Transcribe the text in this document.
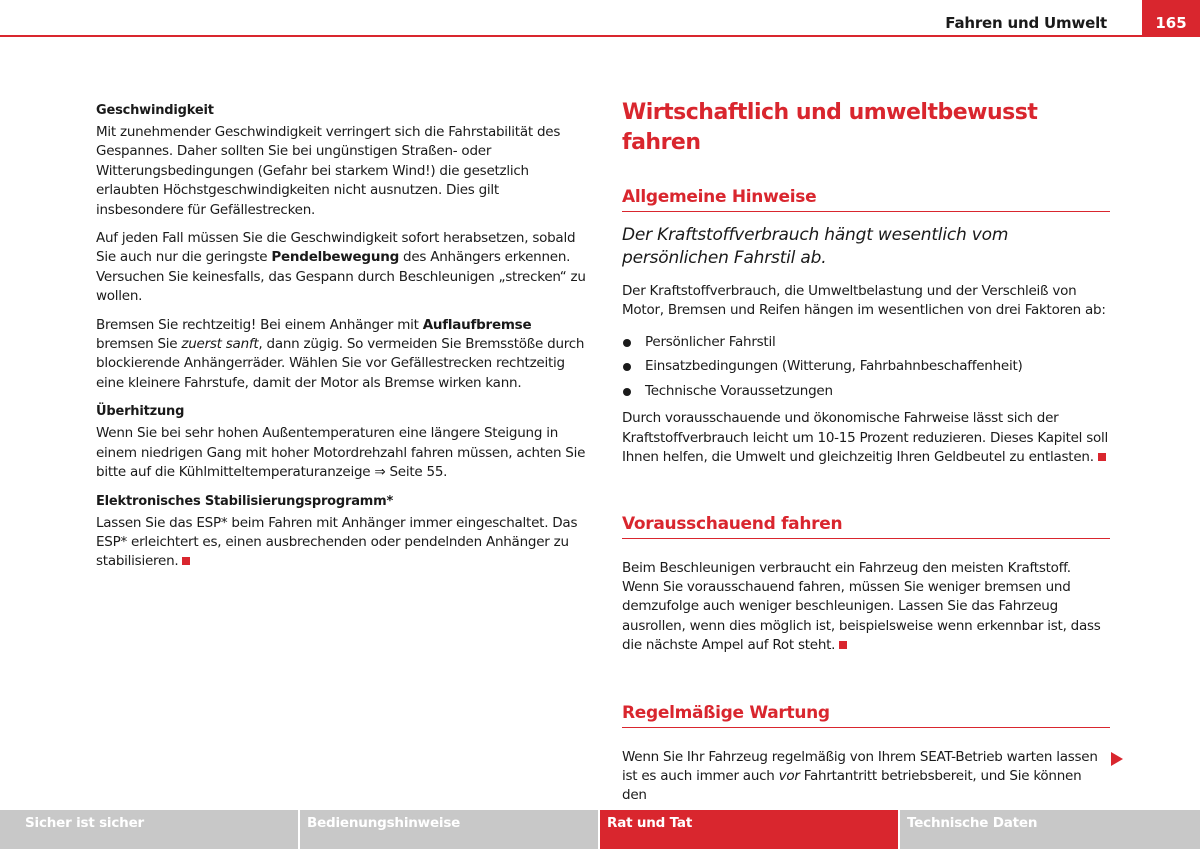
Fahren und Umwelt	165
Geschwindigkeit

Mit zunehmender Geschwindigkeit verringert sich die Fahrstabilität des Gespannes. Daher sollten Sie bei ungünstigen Straßen- oder Witterungsbedingungen (Gefahr bei starkem Wind!) die gesetzlich erlaubten Höchstgeschwindigkeiten nicht ausnutzen. Dies gilt insbesondere für Gefällestrecken.

Auf jeden Fall müssen Sie die Geschwindigkeit sofort herabsetzen, sobald Sie auch nur die geringste Pendelbewegung des Anhängers erkennen. Versuchen Sie keinesfalls, das Gespann durch Beschleunigen „strecken“ zu wollen.

Bremsen Sie rechtzeitig! Bei einem Anhänger mit Auflaufbremse bremsen Sie zuerst sanft, dann zügig. So vermeiden Sie Bremsstöße durch blockierende Anhängerräder. Wählen Sie vor Gefällestrecken rechtzeitig eine kleinere Fahrstufe, damit der Motor als Bremse wirken kann.

Überhitzung

Wenn Sie bei sehr hohen Außentemperaturen eine längere Steigung in einem niedrigen Gang mit hoher Motordrehzahl fahren müssen, achten Sie bitte auf die Kühlmitteltemperaturanzeige ⇒ Seite 55.

Elektronisches Stabilisierungsprogramm*

Lassen Sie das ESP* beim Fahren mit Anhänger immer eingeschaltet. Das ESP* erleichtert es, einen ausbrechenden oder pendelnden Anhänger zu stabilisieren.

Wirtschaftlich und umweltbewusst fahren
Allgemeine Hinweise

Der Kraftstoffverbrauch hängt wesentlich vom persönlichen Fahrstil ab.

Der Kraftstoffverbrauch, die Umweltbelastung und der Verschleiß von Motor, Bremsen und Reifen hängen im wesentlichen von drei Faktoren ab:

Persönlicher Fahrstil
Einsatzbedingungen (Witterung, Fahrbahnbeschaffenheit)
Technische Voraussetzungen

Durch vorausschauende und ökonomische Fahrweise lässt sich der Kraftstoffverbrauch leicht um 10-15 Prozent reduzieren. Dieses Kapitel soll Ihnen helfen, die Umwelt und gleichzeitig Ihren Geldbeutel zu entlasten.

Vorausschauend fahren

Beim Beschleunigen verbraucht ein Fahrzeug den meisten Kraftstoff. Wenn Sie vorausschauend fahren, müssen Sie weniger bremsen und demzufolge auch weniger beschleunigen. Lassen Sie das Fahrzeug ausrollen, wenn dies möglich ist, beispielsweise wenn erkennbar ist, dass die nächste Ampel auf Rot steht.

Regelmäßige Wartung

Wenn Sie Ihr Fahrzeug regelmäßig von Ihrem SEAT-Betrieb warten lassen ist es auch immer auch vor Fahrtantritt betriebsbereit, und Sie können den

Sicher ist sicher	Bedienungshinweise	Rat und Tat	Technische Daten
